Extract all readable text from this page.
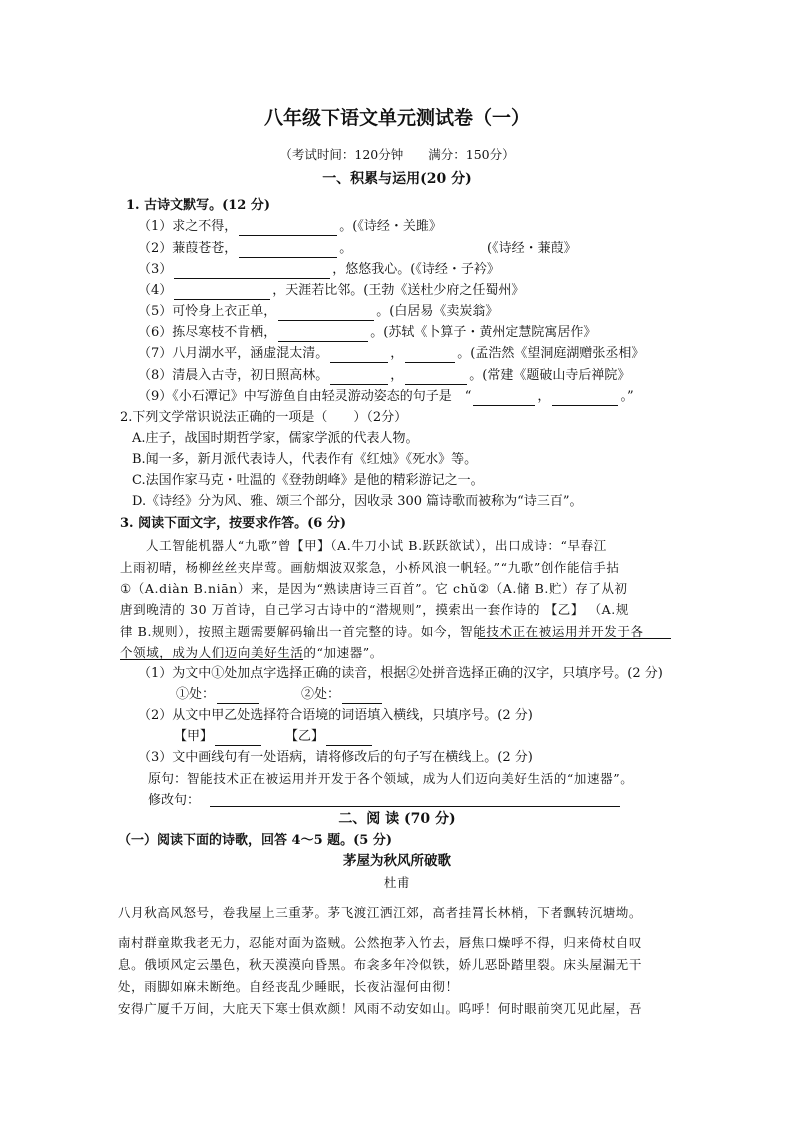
八年级下语文单元测试卷（一）
（考试时间：120分钟　　满分：150分）
一、积累与运用(20 分)
1. 古诗文默写。(12 分)
（1）求之不得，	。(《诗经・关雎》
（2）蒹葭苍苍，	。	(《诗经・蒹葭》
（3）	，悠悠我心。(《诗经・子衿》
（4）	，天涯若比邻。(王勃《送杜少府之任蜀州》
（5）可怜身上衣正单，	。(白居易《卖炭翁》
（6）拣尽寒枝不肯栖，	。(苏轼《卜算子・黄州定慧院寓居作》
（7）八月湖水平，涵虚混太清。	，	。(孟浩然《望洞庭湖赠张丞相》
（8）清晨入古寺，初日照高林。	，	。(常建《题破山寺后禅院》
（9）《小石潭记》中写游鱼自由轻灵游动姿态的句子是　“	，	。”
2.下列文学常识说法正确的一项是（　　）（2分）
A.庄子，战国时期哲学家，儒家学派的代表人物。
B.闻一多，新月派代表诗人，代表作有《红烛》《死水》等。
C.法国作家马克・吐温的《登勃朗峰》是他的精彩游记之一。
D.《诗经》分为风、雅、颂三个部分，因收录 300 篇诗歌而被称为“诗三百”。
3. 阅读下面文字，按要求作答。(6 分)
人工智能机器人“九歌”曾【甲】（A.牛刀小试 B.跃跃欲试），出口成诗：“早春江
上雨初晴，杨柳丝丝夹岸莺。画舫烟波双浆急，小桥风浪一帆轻。”“九歌”创作能信手拈
①（A.diàn B.niān）来，是因为“熟读唐诗三百首”。它 chǔ②（A.储 B.贮）存了从初
唐到晚清的 30 万首诗，自己学习古诗中的“潜规则”，摸索出一套作诗的 【乙】 （A.规
律 B.规则），按照主题需要解码输出一首完整的诗。如今，智能技术正在被运用并开发于各
个领域，成为人们迈向美好生活的“加速器”。
（1）为文中①处加点字选择正确的读音，根据②处拼音选择正确的汉字，只填序号。(2 分)
①处：	②处：
（2）从文中甲乙处选择符合语境的词语填入横线，只填序号。(2 分)
【甲】	【乙】
（3）文中画线句有一处语病，请将修改后的句子写在横线上。(2 分)
原句：智能技术正在被运用并开发于各个领域，成为人们迈向美好生活的“加速器”。
修改句：
二、阅 读 (70 分)
（一）阅读下面的诗歌，回答 4～5 题。(5 分)
茅屋为秋风所破歌
杜甫
八月秋高风怒号，卷我屋上三重茅。茅飞渡江洒江郊，高者挂罥长林梢，下者飘转沉塘坳。
南村群童欺我老无力，忍能对面为盗贼。公然抱茅入竹去，唇焦口燥呼不得，归来倚杖自叹
息。俄顷风定云墨色，秋天漠漠向昏黑。布衾多年冷似铁，娇儿恶卧踏里裂。床头屋漏无干
处，雨脚如麻未断绝。自经丧乱少睡眠，长夜沾湿何由彻！
安得广厦千万间，大庇天下寒士俱欢颜！风雨不动安如山。呜呼！何时眼前突兀见此屋，吾
